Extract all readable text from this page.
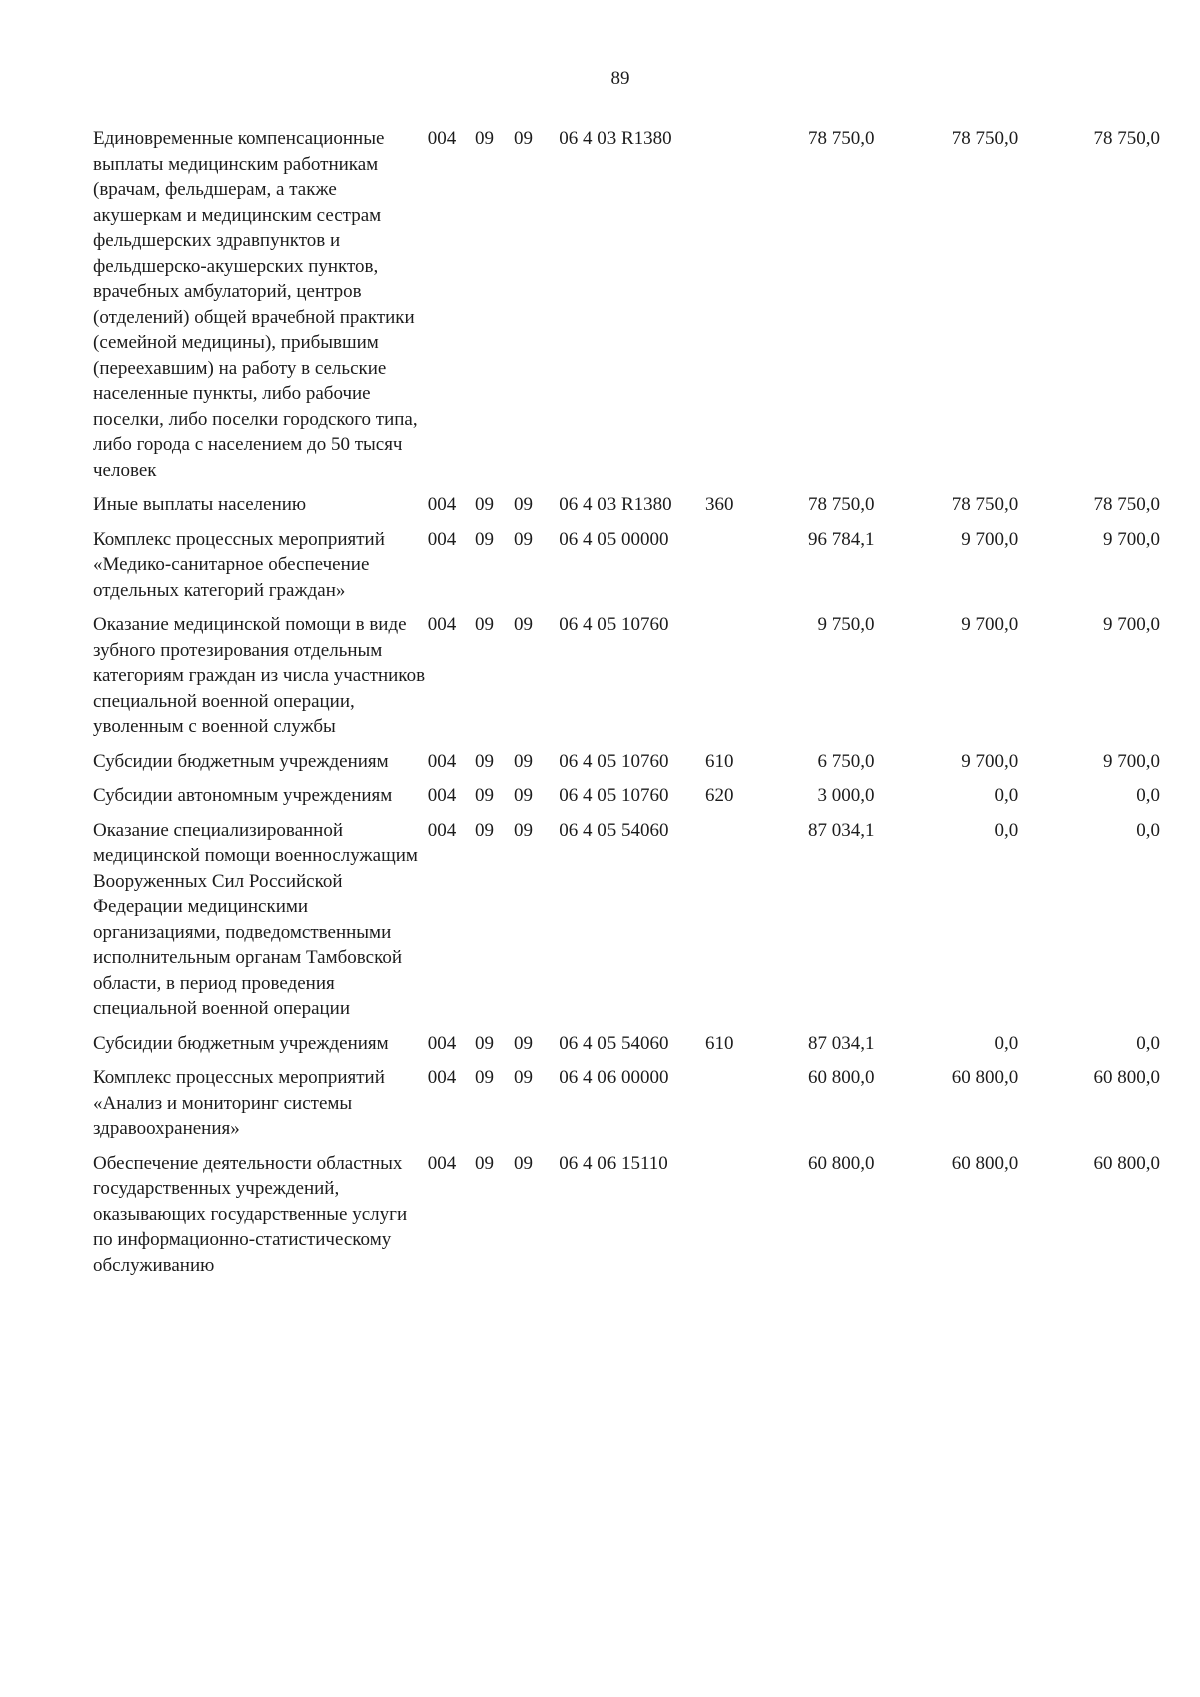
89
Единовременные компенсационные выплаты медицинским работникам (врачам, фельдшерам, а также акушеркам и медицинским сестрам фельдшерских здравпунктов и фельдшерско-акушерских пунктов, врачебных амбулаторий, центров (отделений) общей врачебной практики (семейной медицины), прибывшим (переехавшим) на работу в сельские населенные пункты, либо рабочие поселки, либо поселки городского типа, либо города с населением до 50 тысяч человек	004	09	09	06 4 03 R1380		78 750,0	78 750,0	78 750,0
Иные выплаты населению	004	09	09	06 4 03 R1380	360	78 750,0	78 750,0	78 750,0
Комплекс процессных мероприятий «Медико-санитарное обеспечение отдельных категорий граждан»	004	09	09	06 4 05 00000		96 784,1	9 700,0	9 700,0
Оказание медицинской помощи в виде зубного протезирования отдельным категориям граждан из числа участников специальной военной операции, уволенным с военной службы	004	09	09	06 4 05 10760		9 750,0	9 700,0	9 700,0
Субсидии бюджетным учреждениям	004	09	09	06 4 05 10760	610	6 750,0	9 700,0	9 700,0
Субсидии автономным учреждениям	004	09	09	06 4 05 10760	620	3 000,0	0,0	0,0
Оказание специализированной медицинской помощи военнослужащим Вооруженных Сил Российской Федерации медицинскими организациями, подведомственными исполнительным органам Тамбовской области, в период проведения специальной военной операции	004	09	09	06 4 05 54060		87 034,1	0,0	0,0
Субсидии бюджетным учреждениям	004	09	09	06 4 05 54060	610	87 034,1	0,0	0,0
Комплекс процессных мероприятий «Анализ и мониторинг системы здравоохранения»	004	09	09	06 4 06 00000		60 800,0	60 800,0	60 800,0
Обеспечение деятельности областных государственных учреждений, оказывающих государственные услуги по информационно-статистическому обслуживанию	004	09	09	06 4 06 15110		60 800,0	60 800,0	60 800,0
